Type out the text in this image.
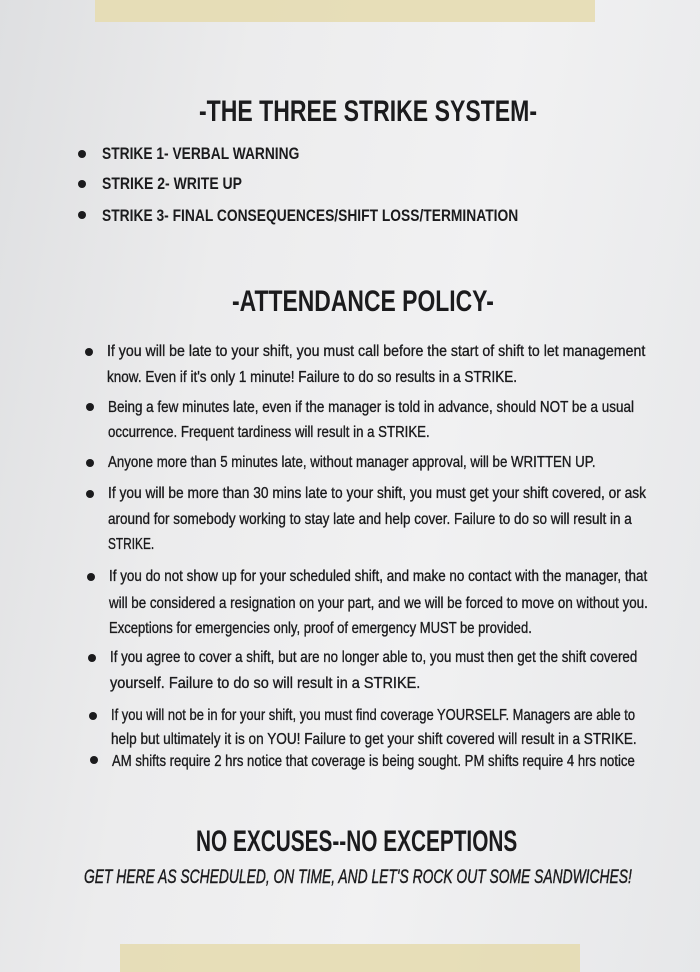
-THE THREE STRIKE SYSTEM-
STRIKE 1- VERBAL WARNING
STRIKE 2- WRITE UP
STRIKE 3- FINAL CONSEQUENCES/SHIFT LOSS/TERMINATION
-ATTENDANCE POLICY-
If you will be late to your shift, you must call before the start of shift to let management
know. Even if it's only 1 minute! Failure to do so results in a STRIKE.
Being a few minutes late, even if the manager is told in advance, should NOT be a usual
occurrence. Frequent tardiness will result in a STRIKE.
Anyone more than 5 minutes late, without manager approval, will be WRITTEN UP.
If you will be more than 30 mins late to your shift, you must get your shift covered, or ask
around for somebody working to stay late and help cover. Failure to do so will result in a
STRIKE.
If you do not show up for your scheduled shift, and make no contact with the manager, that
will be considered a resignation on your part, and we will be forced to move on without you.
Exceptions for emergencies only, proof of emergency MUST be provided.
If you agree to cover a shift, but are no longer able to, you must then get the shift covered
yourself. Failure to do so will result in a STRIKE.
If you will not be in for your shift, you must find coverage YOURSELF. Managers are able to
help but ultimately it is on YOU! Failure to get your shift covered will result in a STRIKE.
AM shifts require 2 hrs notice that coverage is being sought. PM shifts require 4 hrs notice
NO EXCUSES--NO EXCEPTIONS
GET HERE AS SCHEDULED, ON TIME, AND LET'S ROCK OUT SOME SANDWICHES!
